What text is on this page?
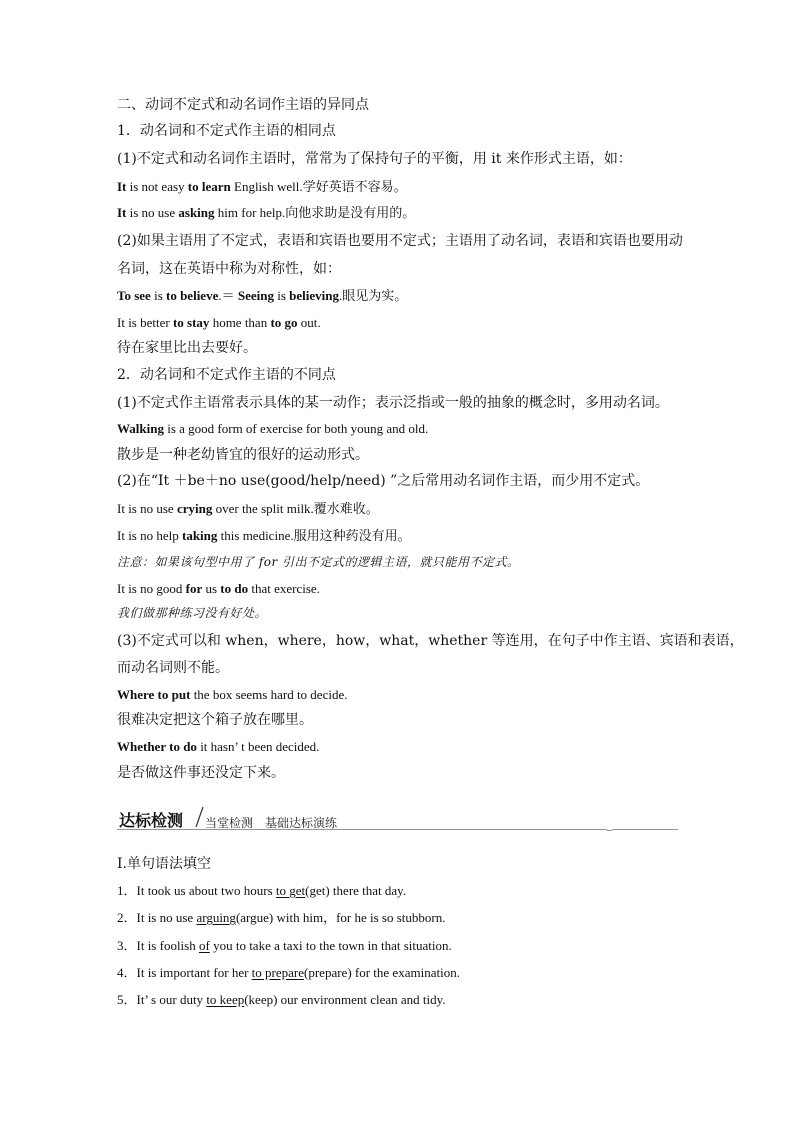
二、动词不定式和动名词作主语的异同点
1．动名词和不定式作主语的相同点
(1)不定式和动名词作主语时，常常为了保持句子的平衡，用 it 来作形式主语，如：
It is not easy to learn English well.学好英语不容易。
It is no use asking him for help.向他求助是没有用的。
(2)如果主语用了不定式，表语和宾语也要用不定式；主语用了动名词，表语和宾语也要用动
名词，这在英语中称为对称性，如：
To see is to believe.＝ Seeing is believing.眼见为实。
It is better to stay home than to go out.
待在家里比出去要好。
2．动名词和不定式作主语的不同点
(1)不定式作主语常表示具体的某一动作；表示泛指或一般的抽象的概念时，多用动名词。
Walking is a good form of exercise for both young and old.
散步是一种老幼皆宜的很好的运动形式。
(2)在“It ＋be＋no use(good/help/need) ”之后常用动名词作主语，而少用不定式。
It is no use crying over the split milk.覆水难收。
It is no help taking this medicine.服用这种药没有用。
注意：如果该句型中用了 for 引出不定式的逻辑主语，就只能用不定式。
It is no good for us to do that exercise.
我们做那种练习没有好处。
(3)不定式可以和 when，where，how，what，whether 等连用，在句子中作主语、宾语和表语，
而动名词则不能。
Where to put the box seems hard to decide.
很难决定把这个箱子放在哪里。
Whether to do it hasn’ t been decided.
是否做这件事还没定下来。
达标检测 当堂检测　基础达标演练
Ⅰ.单句语法填空
1．It took us about two hours to get(get) there that day.
2．It is no use arguing(argue) with him，for he is so stubborn.
3．It is foolish of you to take a taxi to the town in that situation.
4．It is important for her to prepare(prepare) for the examination.
5．It’ s our duty to keep(keep) our environment clean and tidy.
